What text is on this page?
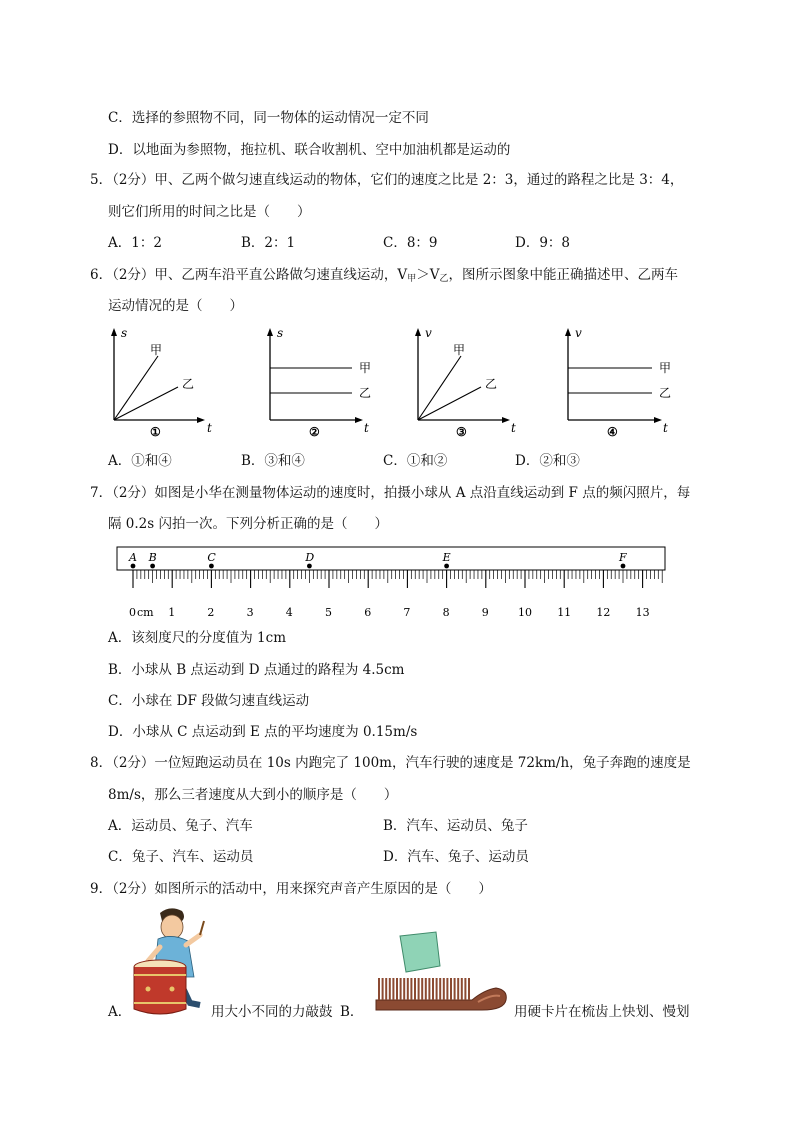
C．选择的参照物不同，同一物体的运动情况一定不同
D．以地面为参照物，拖拉机、联合收割机、空中加油机都是运动的
5．（2分）甲、乙两个做匀速直线运动的物体，它们的速度之比是 2：3，通过的路程之比是 3：4，
则它们所用的时间之比是（　　）
A．1：2	B．2：1	C．8：9	D．9：8
6．（2分）甲、乙两车沿平直公路做匀速直线运动，$V_甲>V_乙$，图所示图象中能正确描述甲、乙两车
运动情况的是（　　）
s
t
甲
乙
①
s
t
甲
乙
②
v
t
甲
乙
③
v
t
甲
乙
④
A．①和④	B．③和④	C．①和②	D．②和③
7．（2分）如图是小华在测量物体运动的速度时，拍摄小球从 A 点沿直线运动到 F 点的频闪照片，每
隔 0.2s 闪拍一次。下列分析正确的是（　　）
A B	C	D	E	F
0	1	2	3	4	5	6	7	8	9	10 11 12 13
cm
A．该刻度尺的分度值为 1cm
B．小球从 B 点运动到 D 点通过的路程为 4.5cm
C．小球在 DF 段做匀速直线运动
D．小球从 C 点运动到 E 点的平均速度为 0.15m/s
8．（2分）一位短跑运动员在 10s 内跑完了 100m，汽车行驶的速度是 72km/h，兔子奔跑的速度是
8m/s，那么三者速度从大到小的顺序是（　　）
A．运动员、兔子、汽车	B．汽车、运动员、兔子
C．兔子、汽车、运动员	D．汽车、兔子、运动员
9．（2分）如图所示的活动中，用来探究声音产生原因的是（　　）
A．	用大小不同的力敲鼓 B．	用硬卡片在梳齿上快划、慢划
